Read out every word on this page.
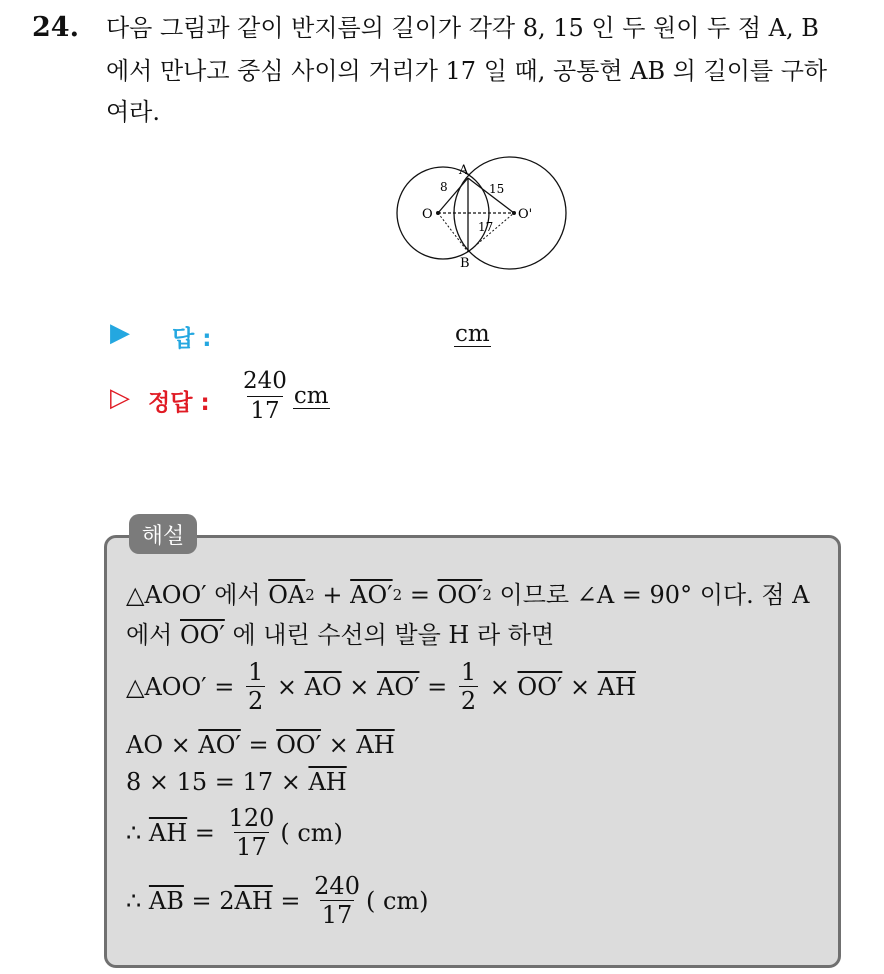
24. 다음 그림과 같이 반지름의 길이가 각각 8, 15 인 두 원이 두 점 A, B
에서 만나고 중심 사이의 거리가 17 일 때, 공통현 AB 의 길이를 구하
여라.
A
B
O	O'
8	15
17
▶ 답 :	cm
▷ 정답 : $\frac{240}{17}$ cm
해설
△AOO′ 에서 $\overline{OA}$ 2 + AO′ 2 = OO′ 2 이므로 ∠A = 90° 이다. 점 A
에서 OO′ 에 내린 수선의 발을 H 라 하면
△AOO′ = $\frac{1}{2} \times \overline{AO} \times AO' = \frac{1}{2} \times OO' \times \overline{AH}$
AO × $AO' = OO' \times \overline{AH}$
$8 \times 15 = 17 \times \overline{AH}$
∴ $\overline{AH} = \frac{120}{17}$ ( cm)
∴ $\overline{AB} = 2$ $\overline{AH} = \frac{240}{17}$ ( cm)
